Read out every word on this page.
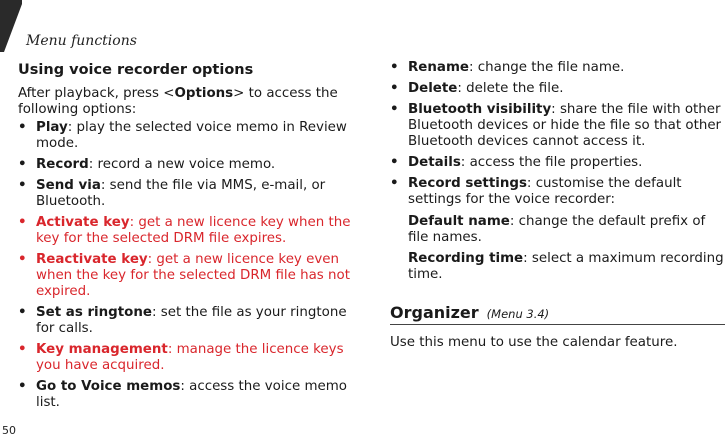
Menu functions
Using voice recorder options

After playback, press <Options> to access the following options:

• Play: play the selected voice memo in Review mode.
• Record: record a new voice memo.
• Send via: send the file via MMS, e-mail, or Bluetooth.
• Activate key: get a new licence key when the key for the selected DRM file expires.
• Reactivate key: get a new licence key even when the key for the selected DRM file has not expired.
• Set as ringtone: set the file as your ringtone for calls.
• Key management: manage the licence keys you have acquired.
• Go to Voice memos: access the voice memo list.
• Rename: change the file name.
• Delete: delete the file.
• Bluetooth visibility: share the file with other Bluetooth devices or hide the file so that other Bluetooth devices cannot access it.
• Details: access the file properties.
• Record settings: customise the default settings for the voice recorder:

Default name: change the default prefix of file names.

Recording time: select a maximum recording time.

Organizer (Menu 3.4)

Use this menu to use the calendar feature.

50
